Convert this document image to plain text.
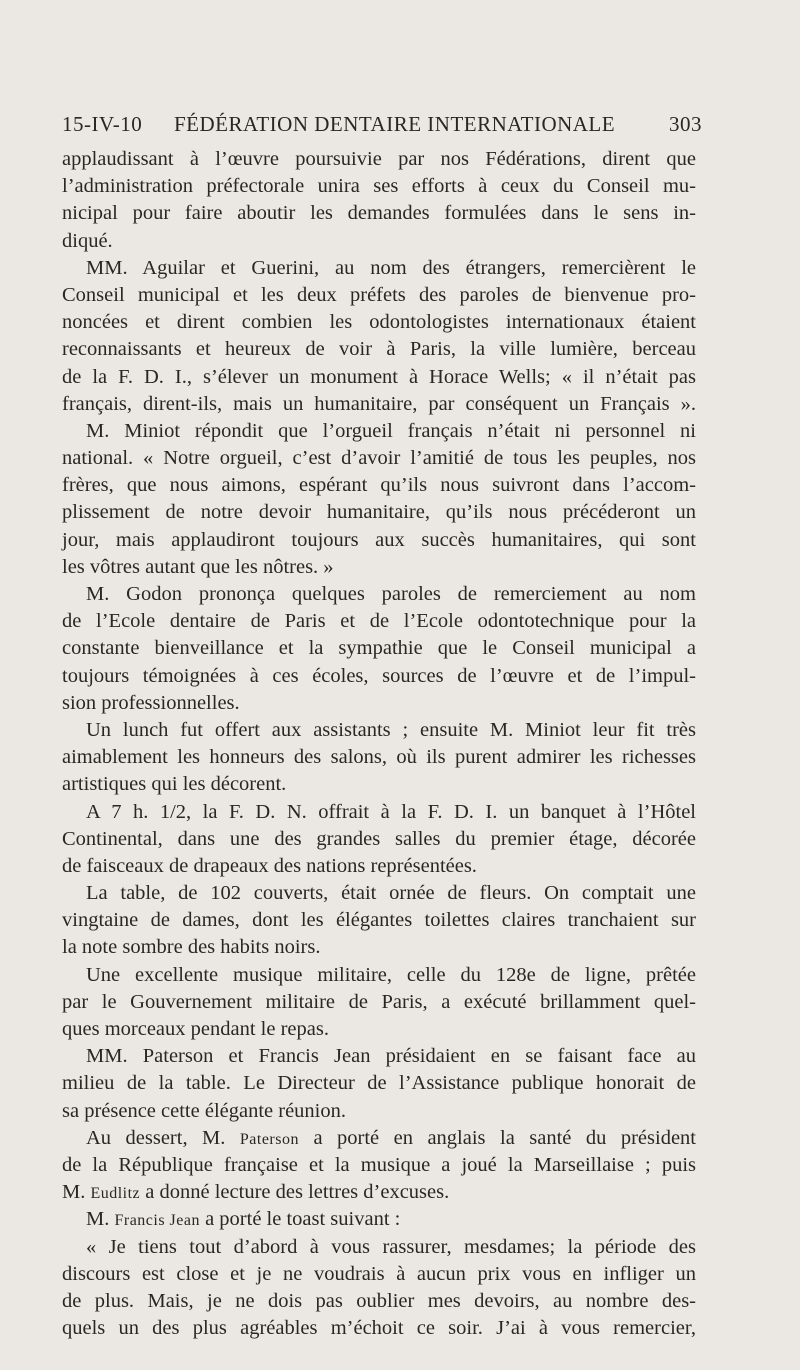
15-IV-10 FÉDÉRATION DENTAIRE INTERNATIONALE	303
applaudissant à l’œuvre poursuivie par nos Fédérations, dirent que
l’administration préfectorale unira ses efforts à ceux du Conseil mu-
nicipal pour faire aboutir les demandes formulées dans le sens in-
diqué.
MM. Aguilar et Guerini, au nom des étrangers, remercièrent le
Conseil municipal et les deux préfets des paroles de bienvenue pro-
noncées et dirent combien les odontologistes internationaux étaient
reconnaissants et heureux de voir à Paris, la ville lumière, berceau
de la F. D. I., s’élever un monument à Horace Wells; « il n’était pas
français, dirent-ils, mais un humanitaire, par conséquent un Français ».
M. Miniot répondit que l’orgueil français n’était ni personnel ni
national. « Notre orgueil, c’est d’avoir l’amitié de tous les peuples, nos
frères, que nous aimons, espérant qu’ils nous suivront dans l’accom-
plissement de notre devoir humanitaire, qu’ils nous précéderont un
jour, mais applaudiront toujours aux succès humanitaires, qui sont
les vôtres autant que les nôtres. »
M. Godon prononça quelques paroles de remerciement au nom
de l’Ecole dentaire de Paris et de l’Ecole odontotechnique pour la
constante bienveillance et la sympathie que le Conseil municipal a
toujours témoignées à ces écoles, sources de l’œuvre et de l’impul-
sion professionnelles.
Un lunch fut offert aux assistants ; ensuite M. Miniot leur fit très
aimablement les honneurs des salons, où ils purent admirer les richesses
artistiques qui les décorent.
A 7 h. 1/2, la F. D. N. offrait à la F. D. I. un banquet à l’Hôtel
Continental, dans une des grandes salles du premier étage, décorée
de faisceaux de drapeaux des nations représentées.
La table, de 102 couverts, était ornée de fleurs. On comptait une
vingtaine de dames, dont les élégantes toilettes claires tranchaient sur
la note sombre des habits noirs.
Une excellente musique militaire, celle du 128e de ligne, prêtée
par le Gouvernement militaire de Paris, a exécuté brillamment quel-
ques morceaux pendant le repas.
MM. Paterson et Francis Jean présidaient en se faisant face au
milieu de la table. Le Directeur de l’Assistance publique honorait de
sa présence cette élégante réunion.
Au dessert, M. Paterson a porté en anglais la santé du président
de la République française et la musique a joué la Marseillaise ; puis
M. Eudlitz a donné lecture des lettres d’excuses.
M. Francis Jean a porté le toast suivant :
« Je tiens tout d’abord à vous rassurer, mesdames; la période des
discours est close et je ne voudrais à aucun prix vous en infliger un
de plus. Mais, je ne dois pas oublier mes devoirs, au nombre des-
quels un des plus agréables m’échoit ce soir. J’ai à vous remercier,
